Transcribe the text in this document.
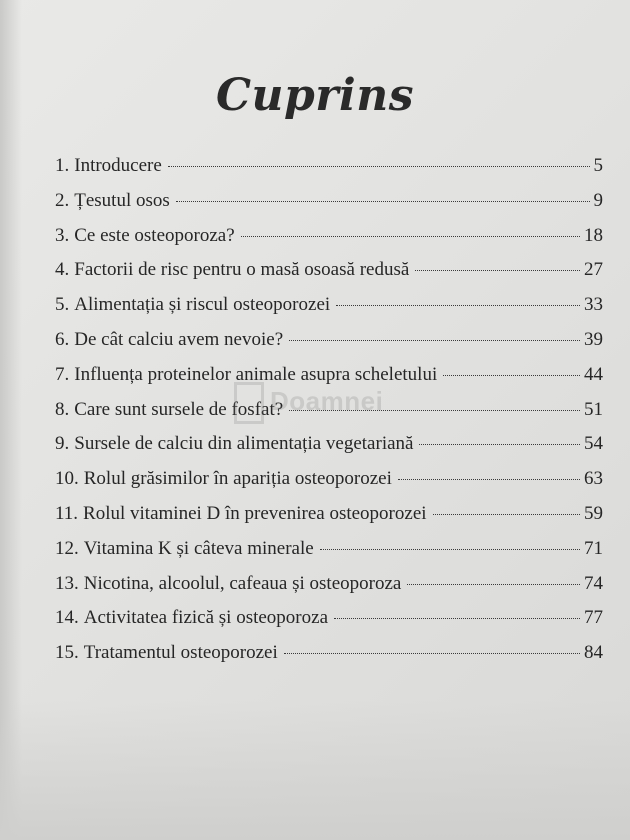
Cuprins
1. Introducere	5
2. Țesutul osos	9
3. Ce este osteoporoza?	18
4. Factorii de risc pentru o masă osoasă redusă	27
5. Alimentația și riscul osteoporozei	33
6. De cât calciu avem nevoie?	39
7. Influența proteinelor animale asupra scheletului	44
8. Care sunt sursele de fosfat?	51
9. Sursele de calciu din alimentația vegetariană	54
10. Rolul grăsimilor în apariția osteoporozei	63
11. Rolul vitaminei D în prevenirea osteoporozei	59
12. Vitamina K și câteva minerale	71
13. Nicotina, alcoolul, cafeaua și osteoporoza	74
14. Activitatea fizică și osteoporoza	77
15. Tratamentul osteoporozei	84
Doamnei
